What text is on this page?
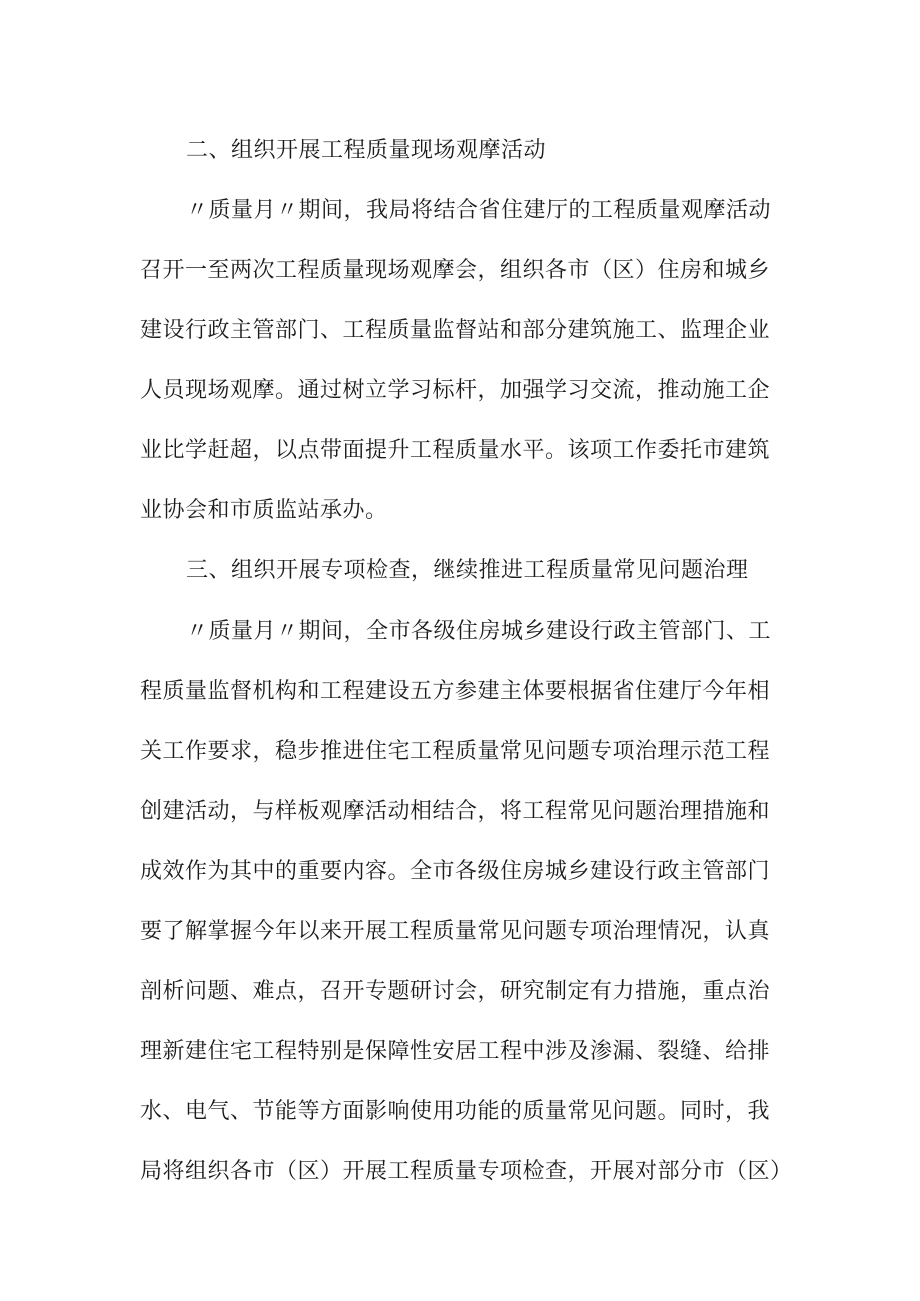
二、组织开展工程质量现场观摩活动
〃质量月〃期间，我局将结合省住建厅的工程质量观摩活动
召开一至两次工程质量现场观摩会，组织各市（区）住房和城乡
建设行政主管部门、工程质量监督站和部分建筑施工、监理企业
人员现场观摩。通过树立学习标杆，加强学习交流，推动施工企
业比学赶超，以点带面提升工程质量水平。该项工作委托市建筑
业协会和市质监站承办。
三、组织开展专项检查，继续推进工程质量常见问题治理
〃质量月〃期间，全市各级住房城乡建设行政主管部门、工
程质量监督机构和工程建设五方参建主体要根据省住建厅今年相
关工作要求，稳步推进住宅工程质量常见问题专项治理示范工程
创建活动，与样板观摩活动相结合，将工程常见问题治理措施和
成效作为其中的重要内容。全市各级住房城乡建设行政主管部门
要了解掌握今年以来开展工程质量常见问题专项治理情况，认真
剖析问题、难点，召开专题研讨会，研究制定有力措施，重点治
理新建住宅工程特别是保障性安居工程中涉及渗漏、裂缝、给排
水、电气、节能等方面影响使用功能的质量常见问题。同时，我
局将组织各市（区）开展工程质量专项检查，开展对部分市（区）
